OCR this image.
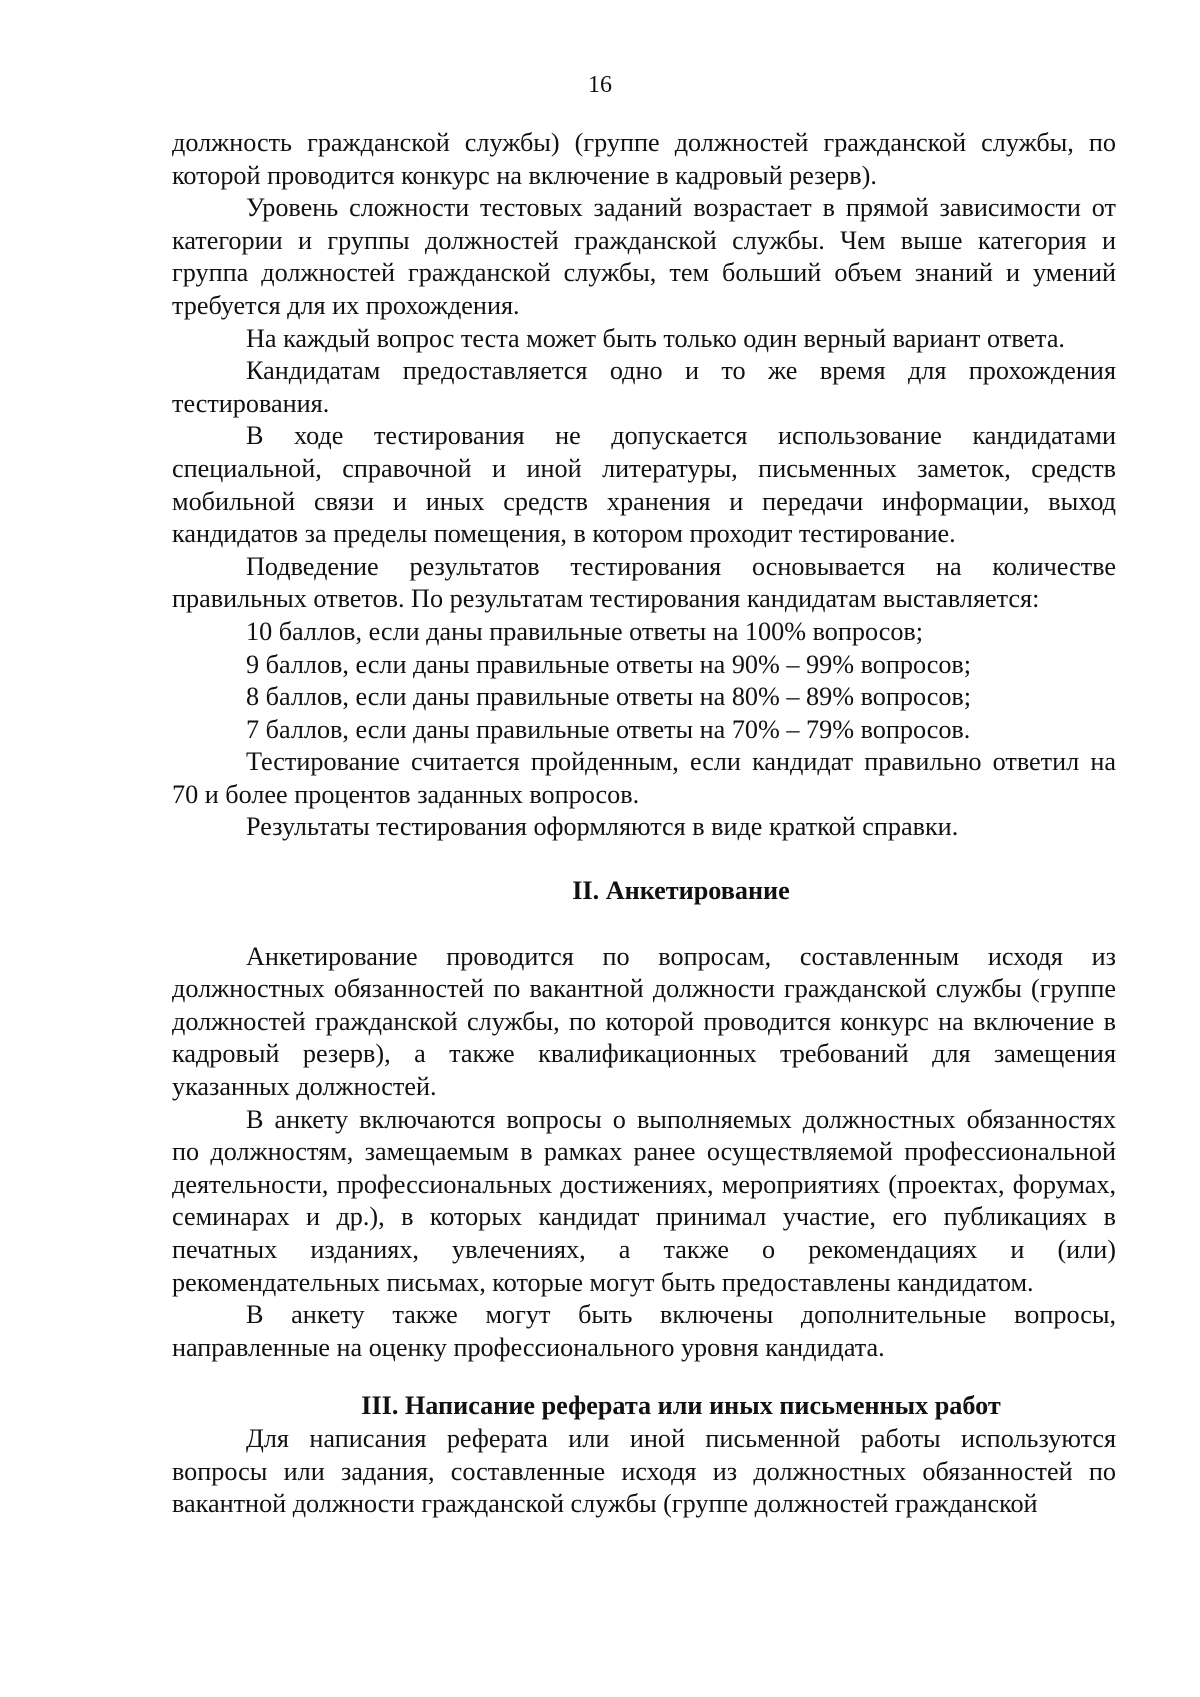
16

должность гражданской службы) (группе должностей гражданской службы, по которой проводится конкурс на включение в кадровый резерв).

Уровень сложности тестовых заданий возрастает в прямой зависимости от категории и группы должностей гражданской службы. Чем выше категория и группа должностей гражданской службы, тем больший объем знаний и умений требуется для их прохождения.

На каждый вопрос теста может быть только один верный вариант ответа.

Кандидатам предоставляется одно и то же время для прохождения тестирования.

В ходе тестирования не допускается использование кандидатами специальной, справочной и иной литературы, письменных заметок, средств мобильной связи и иных средств хранения и передачи информации, выход кандидатов за пределы помещения, в котором проходит тестирование.

Подведение результатов тестирования основывается на количестве правильных ответов. По результатам тестирования кандидатам выставляется:

10 баллов, если даны правильные ответы на 100% вопросов;

9 баллов, если даны правильные ответы на 90% – 99% вопросов;

8 баллов, если даны правильные ответы на 80% – 89% вопросов;

7 баллов, если даны правильные ответы на 70% – 79% вопросов.

Тестирование считается пройденным, если кандидат правильно ответил на 70 и более процентов заданных вопросов.

Результаты тестирования оформляются в виде краткой справки.

II. Анкетирование

Анкетирование проводится по вопросам, составленным исходя из должностных обязанностей по вакантной должности гражданской службы (группе должностей гражданской службы, по которой проводится конкурс на включение в кадровый резерв), а также квалификационных требований для замещения указанных должностей.

В анкету включаются вопросы о выполняемых должностных обязанностях по должностям, замещаемым в рамках ранее осуществляемой профессиональной деятельности, профессиональных достижениях, мероприятиях (проектах, форумах, семинарах и др.), в которых кандидат принимал участие, его публикациях в печатных изданиях, увлечениях, а также о рекомендациях и (или) рекомендательных письмах, которые могут быть предоставлены кандидатом.

В анкету также могут быть включены дополнительные вопросы, направленные на оценку профессионального уровня кандидата.

III. Написание реферата или иных письменных работ

Для написания реферата или иной письменной работы используются вопросы или задания, составленные исходя из должностных обязанностей по вакантной должности гражданской службы (группе должностей гражданской
